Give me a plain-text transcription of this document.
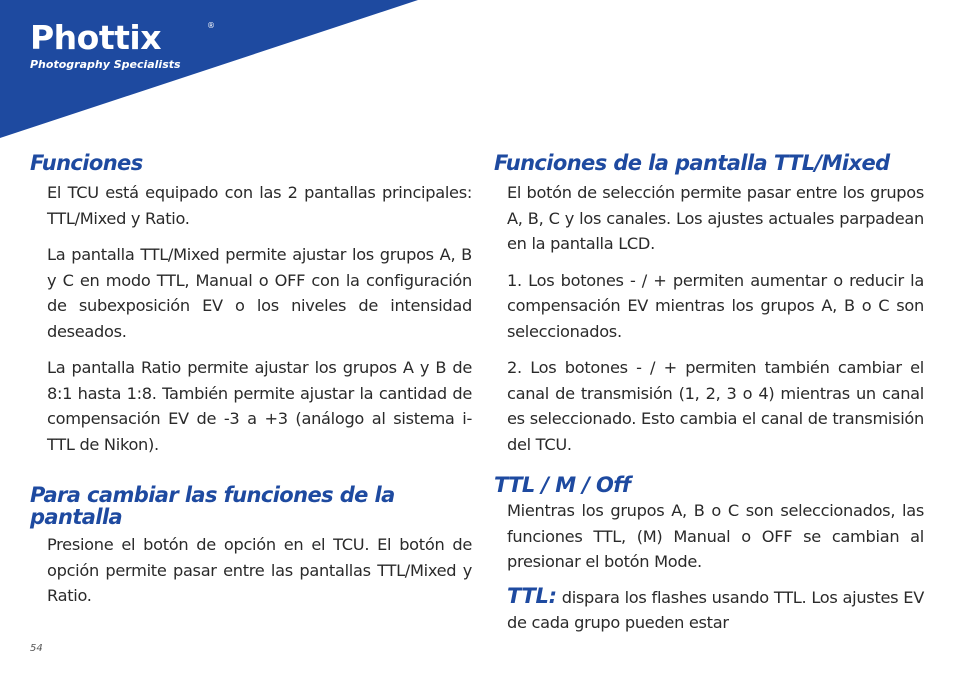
Phottix	®
Photography Specialists
Funciones

El TCU está equipado con las 2 pantallas principales: TTL/Mixed y Ratio.

La pantalla TTL/Mixed permite ajustar los grupos A, B y C en modo TTL, Manual o OFF con la configuración de subexposición EV o los niveles de intensidad deseados.

La pantalla Ratio permite ajustar los grupos A y B de 8:1 hasta 1:8. También permite ajustar la cantidad de compensación EV de -3 a +3 (análogo al sistema i-TTL de Nikon).

Para cambiar las funciones de la pantalla

Presione el botón de opción en el TCU. El botón de opción permite pasar entre las pantallas TTL/Mixed y Ratio.

Funciones de la pantalla TTL/Mixed

El botón de selección permite pasar entre los grupos A, B, C y los canales. Los ajustes actuales parpadean en la pantalla LCD.

1. Los botones - / + permiten aumentar o reducir la compensación EV mientras los grupos A, B o C son seleccionados.

2. Los botones - / + permiten también cambiar el canal de transmisión (1, 2, 3 o 4) mientras un canal es seleccionado. Esto cambia el canal de transmisión del TCU.

TTL / M / Off

Mientras los grupos A, B o C son seleccionados, las funciones TTL, (M) Manual o OFF se cambian al presionar el botón Mode.

TTL: dispara los flashes usando TTL. Los ajustes EV de cada grupo pueden estar

54
